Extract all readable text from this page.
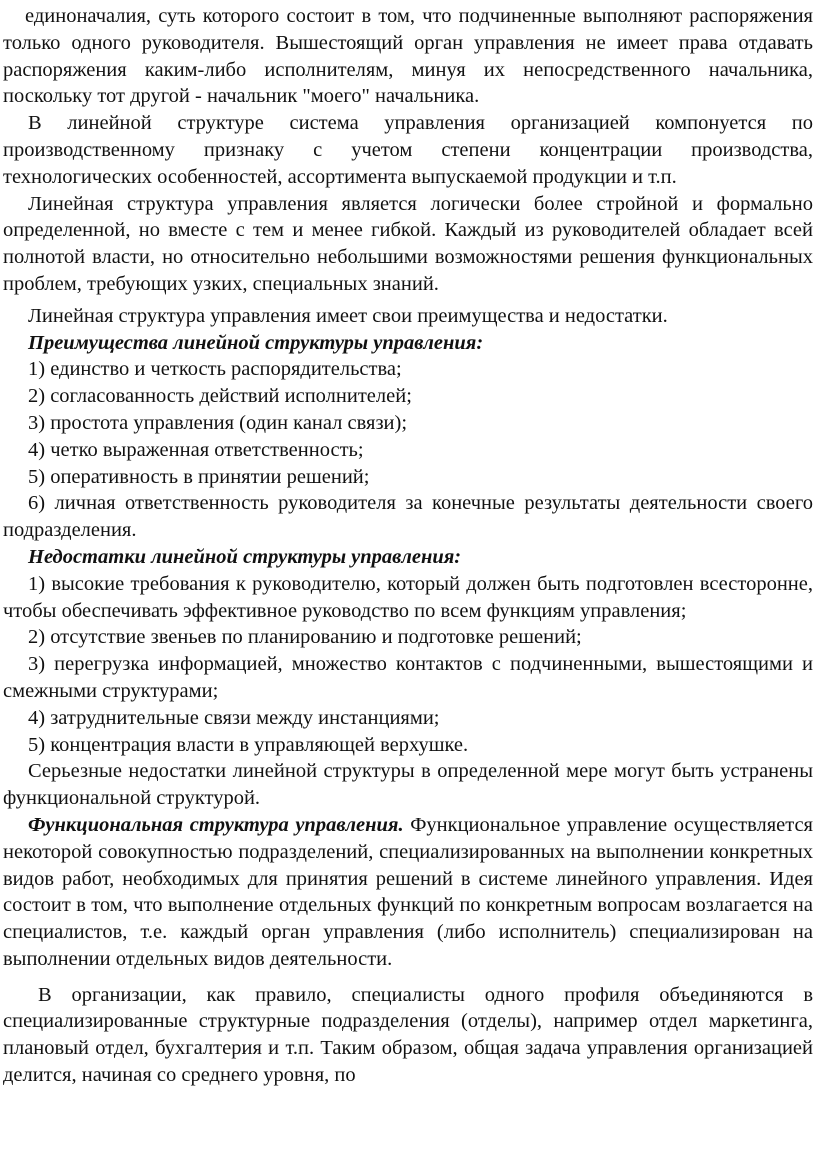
единоначалия, суть которого состоит в том, что подчиненные выполняют распоряжения только одного руководителя. Вышестоящий орган управления не имеет права отдавать распоряжения каким-либо исполнителям, минуя их непосредственного начальника, поскольку тот другой - начальник "моего" начальника.

В линейной структуре система управления организацией компонуется по производственному признаку с учетом степени концентрации производства, технологических особенностей, ассортимента выпускаемой продукции и т.п.

Линейная структура управления является логически более стройной и формально определенной, но вместе с тем и менее гибкой. Каждый из руководителей обладает всей полнотой власти, но относительно небольшими возможностями решения функциональных проблем, требующих узких, специальных знаний.

Линейная структура управления имеет свои преимущества и недостатки.

Преимущества линейной структуры управления:

1) единство и четкость распорядительства;

2) согласованность действий исполнителей;

3) простота управления (один канал связи);

4) четко выраженная ответственность;

5) оперативность в принятии решений;

6) личная ответственность руководителя за конечные результаты деятельности своего подразделения.

Недостатки линейной структуры управления:

1) высокие требования к руководителю, который должен быть подготовлен всесторонне, чтобы обеспечивать эффективное руководство по всем функциям управления;

2) отсутствие звеньев по планированию и подготовке решений;

3) перегрузка информацией, множество контактов с подчиненными, вышестоящими и смежными структурами;

4) затруднительные связи между инстанциями;

5) концентрация власти в управляющей верхушке.

Серьезные недостатки линейной структуры в определенной мере могут быть устранены функциональной структурой.

Функциональная структура управления. Функциональное управление осуществляется некоторой совокупностью подразделений, специализированных на выполнении конкретных видов работ, необходимых для принятия решений в системе линейного управления. Идея состоит в том, что выполнение отдельных функций по конкретным вопросам возлагается на специалистов, т.е. каждый орган управления (либо исполнитель) специализирован на выполнении отдельных видов деятельности.

В организации, как правило, специалисты одного профиля объединяются в специализированные структурные подразделения (отделы), например отдел маркетинга, плановый отдел, бухгалтерия и т.п. Таким образом, общая задача управления организацией делится, начиная со среднего уровня, по
